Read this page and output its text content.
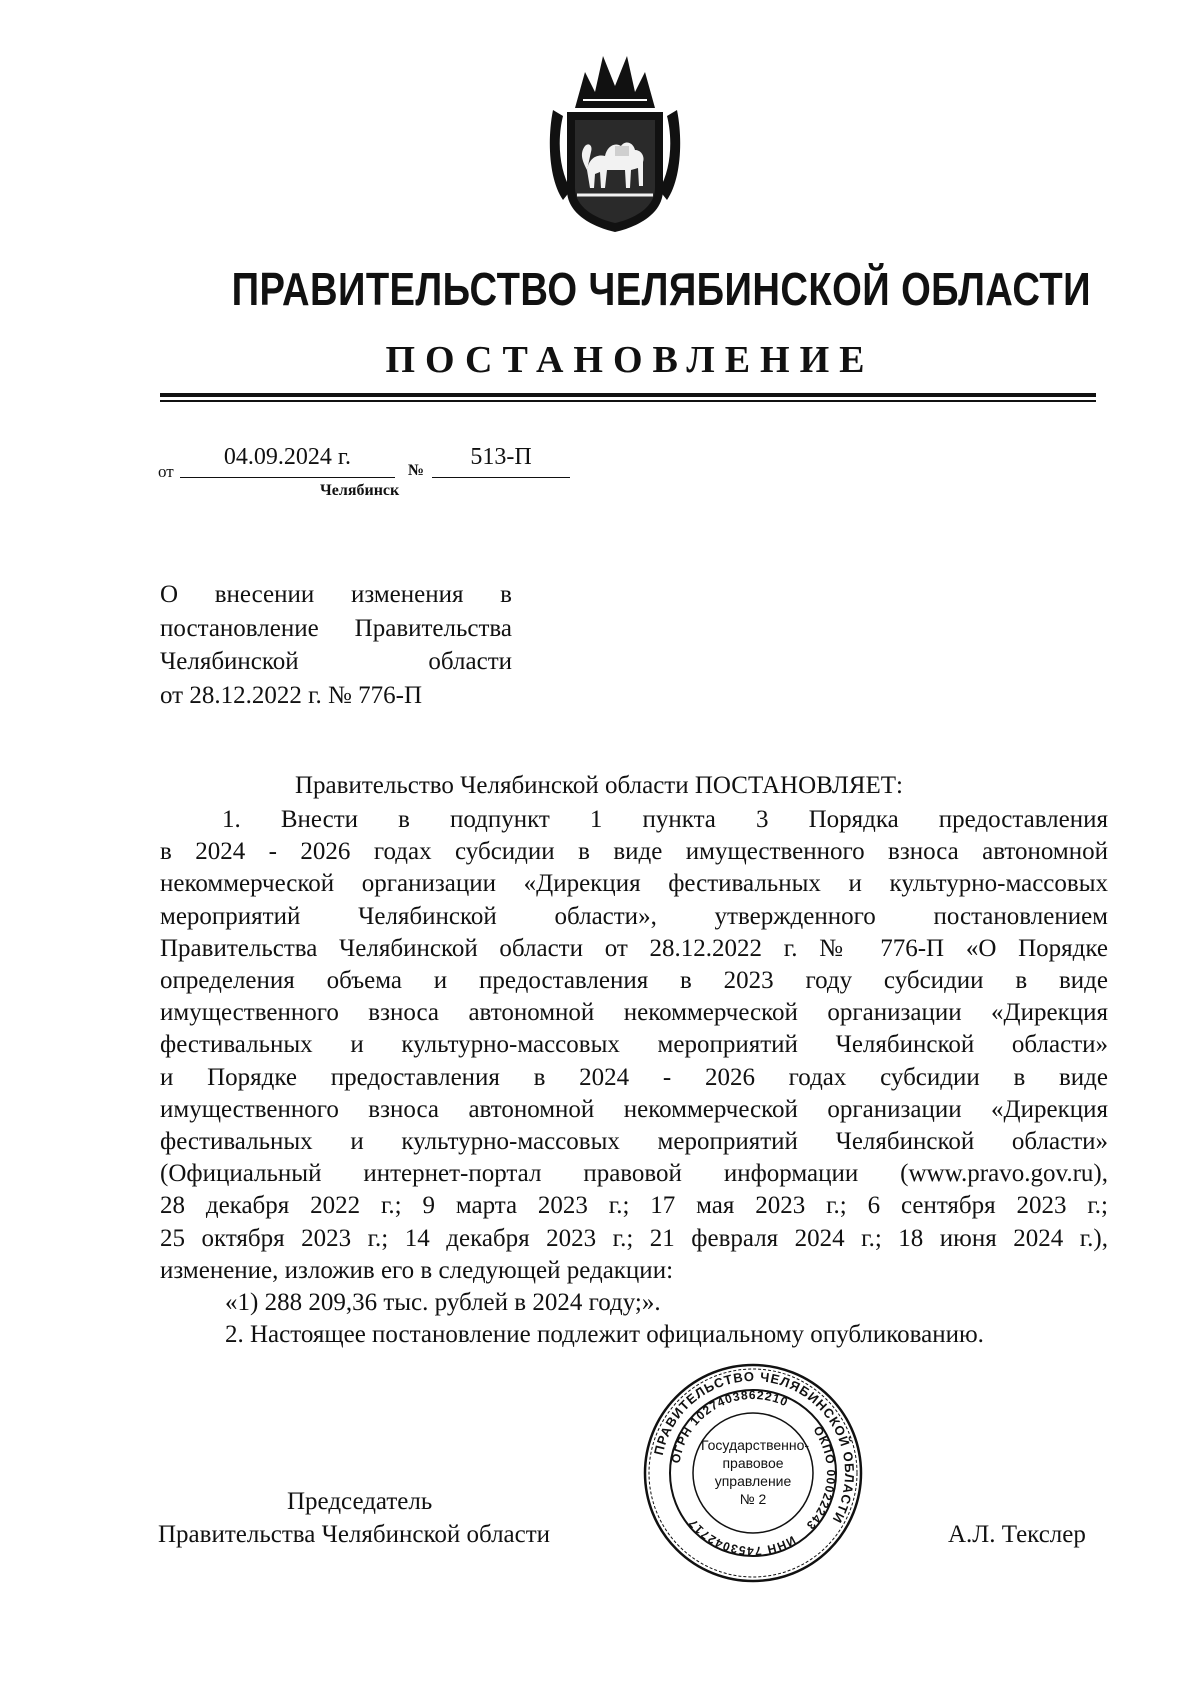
ПРАВИТЕЛЬСТВО ЧЕЛЯБИНСКОЙ ОБЛАСТИ
ПОСТАНОВЛЕНИЕ
от
04.09.2024 г.
№
513-П
Челябинск
О внесении изменения в
постановление Правительства
Челябинской области
от 28.12.2022 г. № 776-П
Правительство Челябинской области ПОСТАНОВЛЯЕТ:
1. Внести в подпункт 1 пункта 3 Порядка предоставления
в 2024 - 2026 годах субсидии в виде имущественного взноса автономной
некоммерческой организации «Дирекция фестивальных и культурно-массовых
мероприятий Челябинской области», утвержденного постановлением
Правительства Челябинской области от 28.12.2022 г. № 776-П «О Порядке
определения объема и предоставления в 2023 году субсидии в виде
имущественного взноса автономной некоммерческой организации «Дирекция
фестивальных и культурно-массовых мероприятий Челябинской области»
и Порядке предоставления в 2024 - 2026 годах субсидии в виде
имущественного взноса автономной некоммерческой организации «Дирекция
фестивальных и культурно-массовых мероприятий Челябинской области»
(Официальный интернет-портал правовой информации (www.pravo.gov.ru),
28 декабря 2022 г.; 9 марта 2023 г.; 17 мая 2023 г.; 6 сентября 2023 г.;
25 октября 2023 г.; 14 декабря 2023 г.; 21 февраля 2024 г.; 18 июня 2024 г.),
изменение, изложив его в следующей редакции:
«1) 288 209,36 тыс. рублей в 2024 году;».
2. Настоящее постановление подлежит официальному опубликованию.
ПРАВИТЕЛЬСТВО ЧЕЛЯБИНСКОЙ ОБЛАСТИ
ОГРН 1027403862210
ОКПО 00022243
ИНН 7453042717
Государственно-
правовое
управление
№ 2
Председатель
Правительства Челябинской области	А.Л. Текслер
